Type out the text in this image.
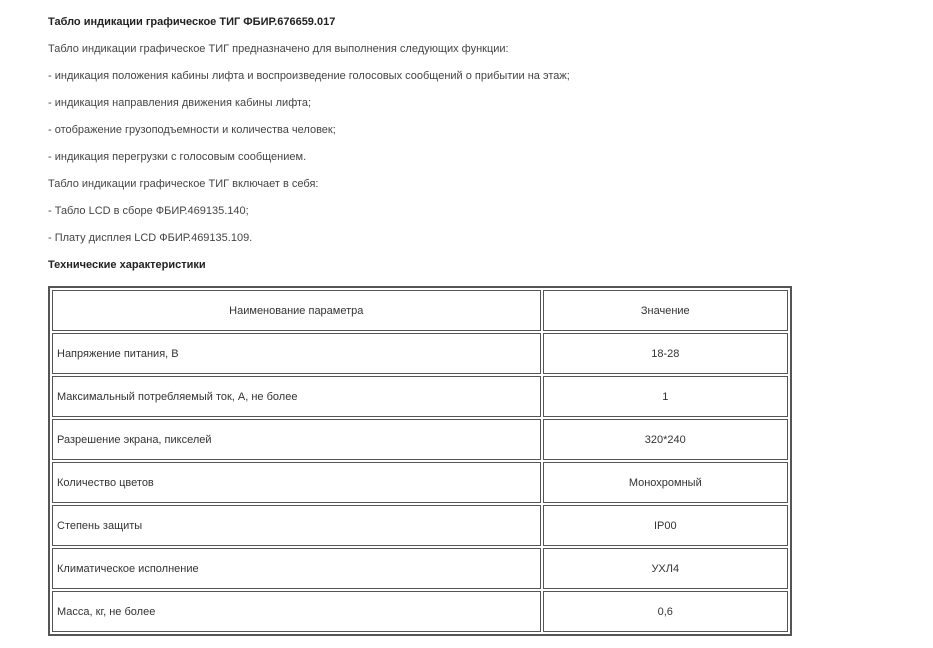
Табло индикации графическое ТИГ ФБИР.676659.017

Табло индикации графическое ТИГ предназначено для выполнения следующих функции:

- индикация положения кабины лифта и воспроизведение голосовых сообщений о прибытии на этаж;

- индикация направления движения кабины лифта;

- отображение грузоподъемности и количества человек;

- индикация перегрузки с голосовым сообщением.

Табло индикации графическое ТИГ включает в себя:

- Табло LCD в сборе ФБИР.469135.140;

- Плату дисплея LCD ФБИР.469135.109.

Технические характеристики

Наименование параметра	Значение
Напряжение питания, В	18-28
Максимальный потребляемый ток, А, не более	1
Разрешение экрана, пикселей	320*240
Количество цветов	Монохромный
Степень защиты	IP00
Климатическое исполнение	УХЛ4
Масса, кг, не более	0,6
